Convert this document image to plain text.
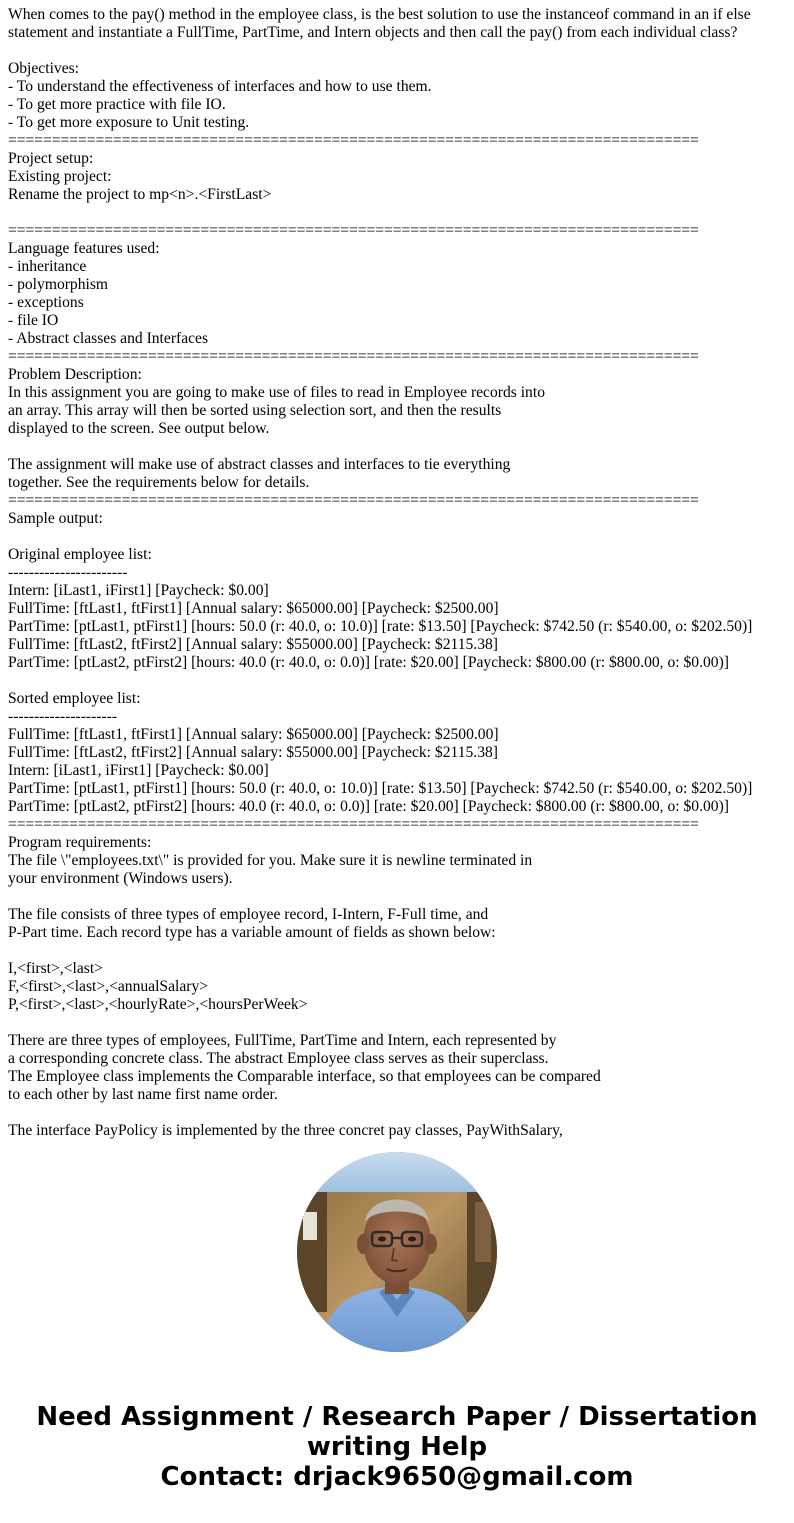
When comes to the pay() method in the employee class, is the best solution to use the instanceof command in an if else
statement and instantiate a FullTime, PartTime, and Intern objects and then call the pay() from each individual class?
Objectives:
- To understand the effectiveness of interfaces and how to use them.
- To get more practice with file IO.
- To get more exposure to Unit testing.
===============================================================================
Project setup:
Existing project:
Rename the project to mp<n>.<FirstLast>
===============================================================================
Language features used:
- inheritance
- polymorphism
- exceptions
- file IO
- Abstract classes and Interfaces
===============================================================================
Problem Description:
In this assignment you are going to make use of files to read in Employee records into
an array. This array will then be sorted using selection sort, and then the results
displayed to the screen. See output below.
The assignment will make use of abstract classes and interfaces to tie everything
together. See the requirements below for details.
===============================================================================
Sample output:
Original employee list:
-----------------------
Intern: [iLast1, iFirst1] [Paycheck: $0.00]
FullTime: [ftLast1, ftFirst1] [Annual salary: $65000.00] [Paycheck: $2500.00]
PartTime: [ptLast1, ptFirst1] [hours: 50.0 (r: 40.0, o: 10.0)] [rate: $13.50] [Paycheck: $742.50 (r: $540.00, o: $202.50)]
FullTime: [ftLast2, ftFirst2] [Annual salary: $55000.00] [Paycheck: $2115.38]
PartTime: [ptLast2, ptFirst2] [hours: 40.0 (r: 40.0, o: 0.0)] [rate: $20.00] [Paycheck: $800.00 (r: $800.00, o: $0.00)]
Sorted employee list:
---------------------
FullTime: [ftLast1, ftFirst1] [Annual salary: $65000.00] [Paycheck: $2500.00]
FullTime: [ftLast2, ftFirst2] [Annual salary: $55000.00] [Paycheck: $2115.38]
Intern: [iLast1, iFirst1] [Paycheck: $0.00]
PartTime: [ptLast1, ptFirst1] [hours: 50.0 (r: 40.0, o: 10.0)] [rate: $13.50] [Paycheck: $742.50 (r: $540.00, o: $202.50)]
PartTime: [ptLast2, ptFirst2] [hours: 40.0 (r: 40.0, o: 0.0)] [rate: $20.00] [Paycheck: $800.00 (r: $800.00, o: $0.00)]
===============================================================================
Program requirements:
The file \"employees.txt\" is provided for you. Make sure it is newline terminated in
your environment (Windows users).
The file consists of three types of employee record, I-Intern, F-Full time, and
P-Part time. Each record type has a variable amount of fields as shown below:
I,<first>,<last>
F,<first>,<last>,<annualSalary>
P,<first>,<last>,<hourlyRate>,<hoursPerWeek>
There are three types of employees, FullTime, PartTime and Intern, each represented by
a corresponding concrete class. The abstract Employee class serves as their superclass.
The Employee class implements the Comparable interface, so that employees can be compared
to each other by last name first name order.
The interface PayPolicy is implemented by the three concret pay classes, PayWithSalary,
Need Assignment / Research Paper / Dissertation
writing Help
Contact: drjack9650@gmail.com
